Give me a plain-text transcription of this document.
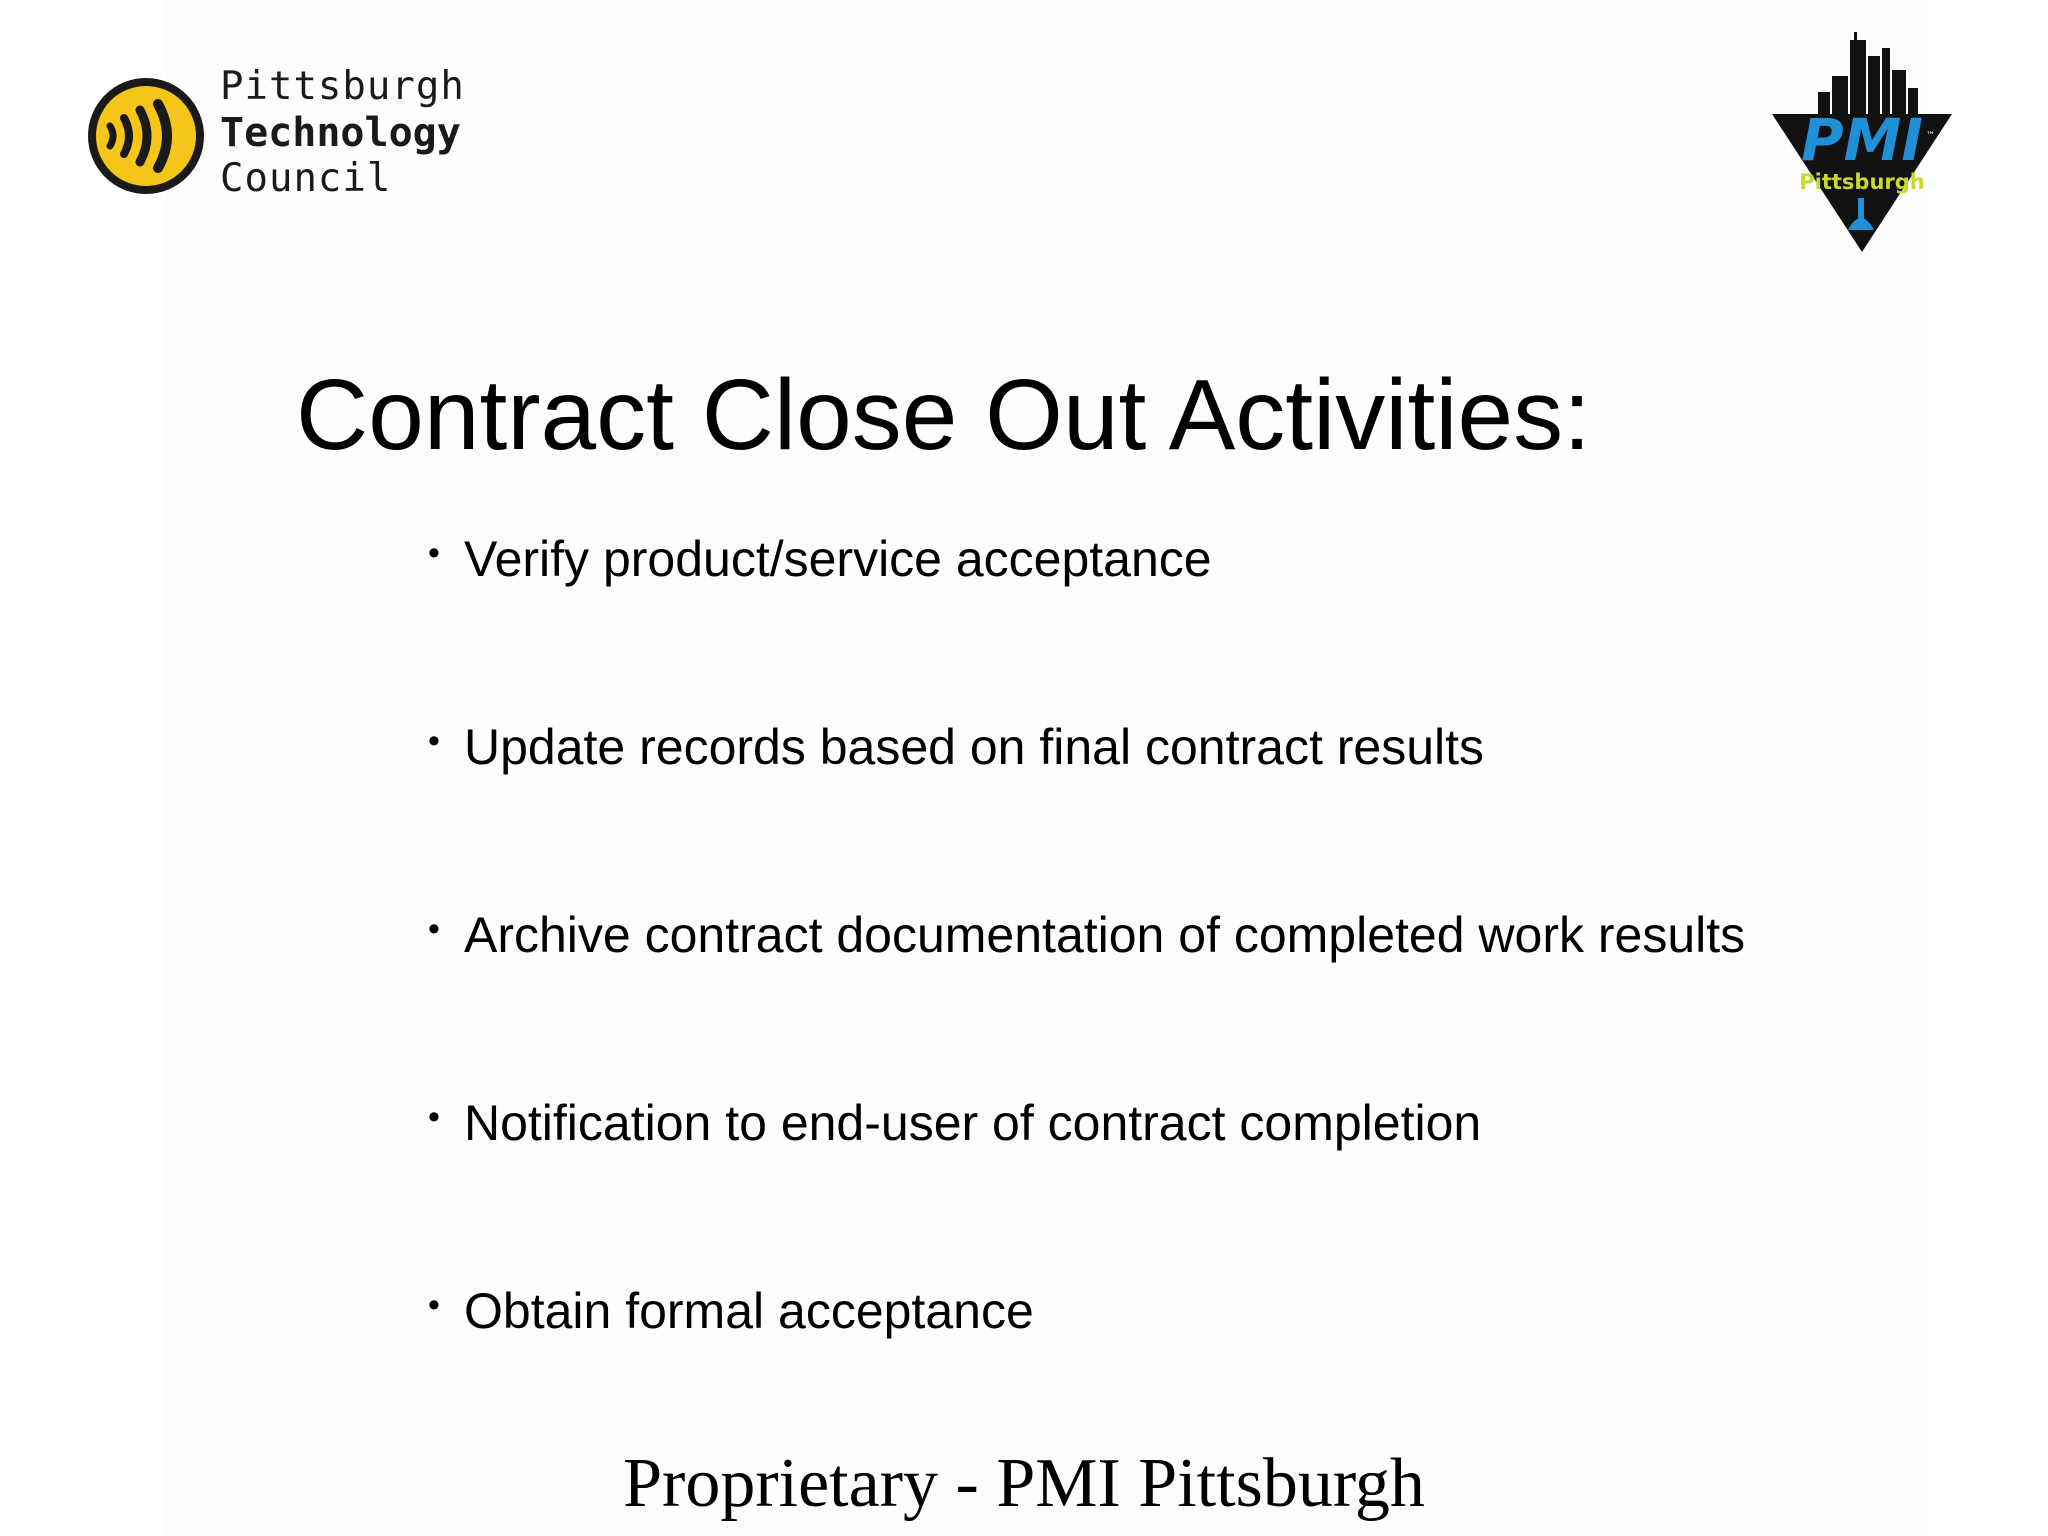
Pittsburgh
Technology
Council
PMI ™
Pittsburgh
Contract Close Out Activities:
• Verify product/service acceptance
• Update records based on final contract results
• Archive contract documentation of completed work results
• Notification to end-user of contract completion
• Obtain formal acceptance
Proprietary - PMI Pittsburgh
